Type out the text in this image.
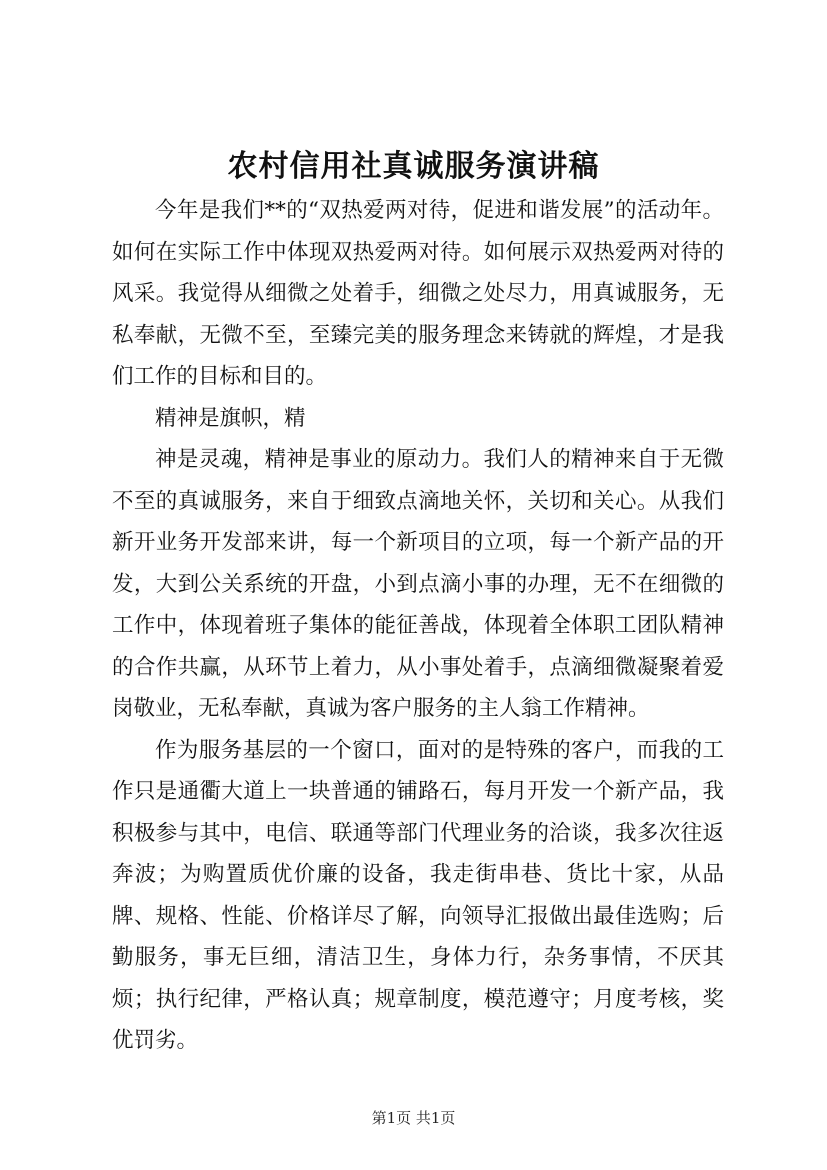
农村信用社真诚服务演讲稿

今年是我们**的“双热爱两对待，促进和谐发展”的活动年。如何在实际工作中体现双热爱两对待。如何展示双热爱两对待的风采。我觉得从细微之处着手，细微之处尽力，用真诚服务，无私奉献，无微不至，至臻完美的服务理念来铸就的辉煌，才是我们工作的目标和目的。

精神是旗帜，精

神是灵魂，精神是事业的原动力。我们人的精神来自于无微不至的真诚服务，来自于细致点滴地关怀，关切和关心。从我们新开业务开发部来讲，每一个新项目的立项，每一个新产品的开发，大到公关系统的开盘，小到点滴小事的办理，无不在细微的工作中，体现着班子集体的能征善战，体现着全体职工团队精神的合作共赢，从环节上着力，从小事处着手，点滴细微凝聚着爱岗敬业，无私奉献，真诚为客户服务的主人翁工作精神。

作为服务基层的一个窗口，面对的是特殊的客户，而我的工作只是通衢大道上一块普通的铺路石，每月开发一个新产品，我积极参与其中，电信、联通等部门代理业务的洽谈，我多次往返奔波；为购置质优价廉的设备，我走街串巷、货比十家，从品牌、规格、性能、价格详尽了解，向领导汇报做出最佳选购；后勤服务，事无巨细，清洁卫生，身体力行，杂务事情，不厌其烦；执行纪律，严格认真；规章制度，模范遵守；月度考核，奖优罚劣。

第1页 共1页
